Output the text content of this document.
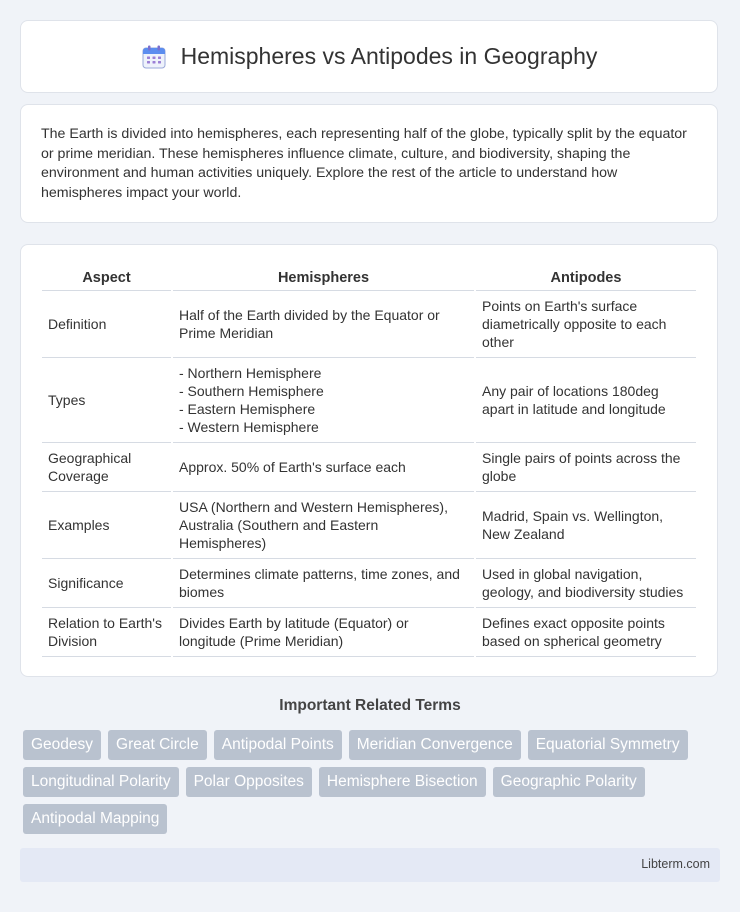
Hemispheres vs Antipodes in Geography

The Earth is divided into hemispheres, each representing half of the globe, typically split by the equator or prime meridian. These hemispheres influence climate, culture, and biodiversity, shaping the environment and human activities uniquely. Explore the rest of the article to understand how hemispheres impact your world.

Aspect	Hemispheres	Antipodes
Definition	Half of the Earth divided by the Equator or Prime Meridian	Points on Earth's surface diametrically opposite to each other
Types	- Northern Hemisphere
- Southern Hemisphere
- Eastern Hemisphere
- Western Hemisphere	Any pair of locations 180deg apart in latitude and longitude
Geographical Coverage	Approx. 50% of Earth's surface each	Single pairs of points across the globe
Examples	USA (Northern and Western Hemispheres), Australia (Southern and Eastern Hemispheres)	Madrid, Spain vs. Wellington, New Zealand
Significance	Determines climate patterns, time zones, and biomes	Used in global navigation, geology, and biodiversity studies
Relation to Earth's Division	Divides Earth by latitude (Equator) or longitude (Prime Meridian)	Defines exact opposite points based on spherical geometry
Important Related Terms
Geodesy	Great Circle	Antipodal Points	Meridian Convergence	Equatorial Symmetry
Longitudinal Polarity	Polar Opposites	Hemisphere Bisection	Geographic Polarity
Antipodal Mapping
Libterm.com
